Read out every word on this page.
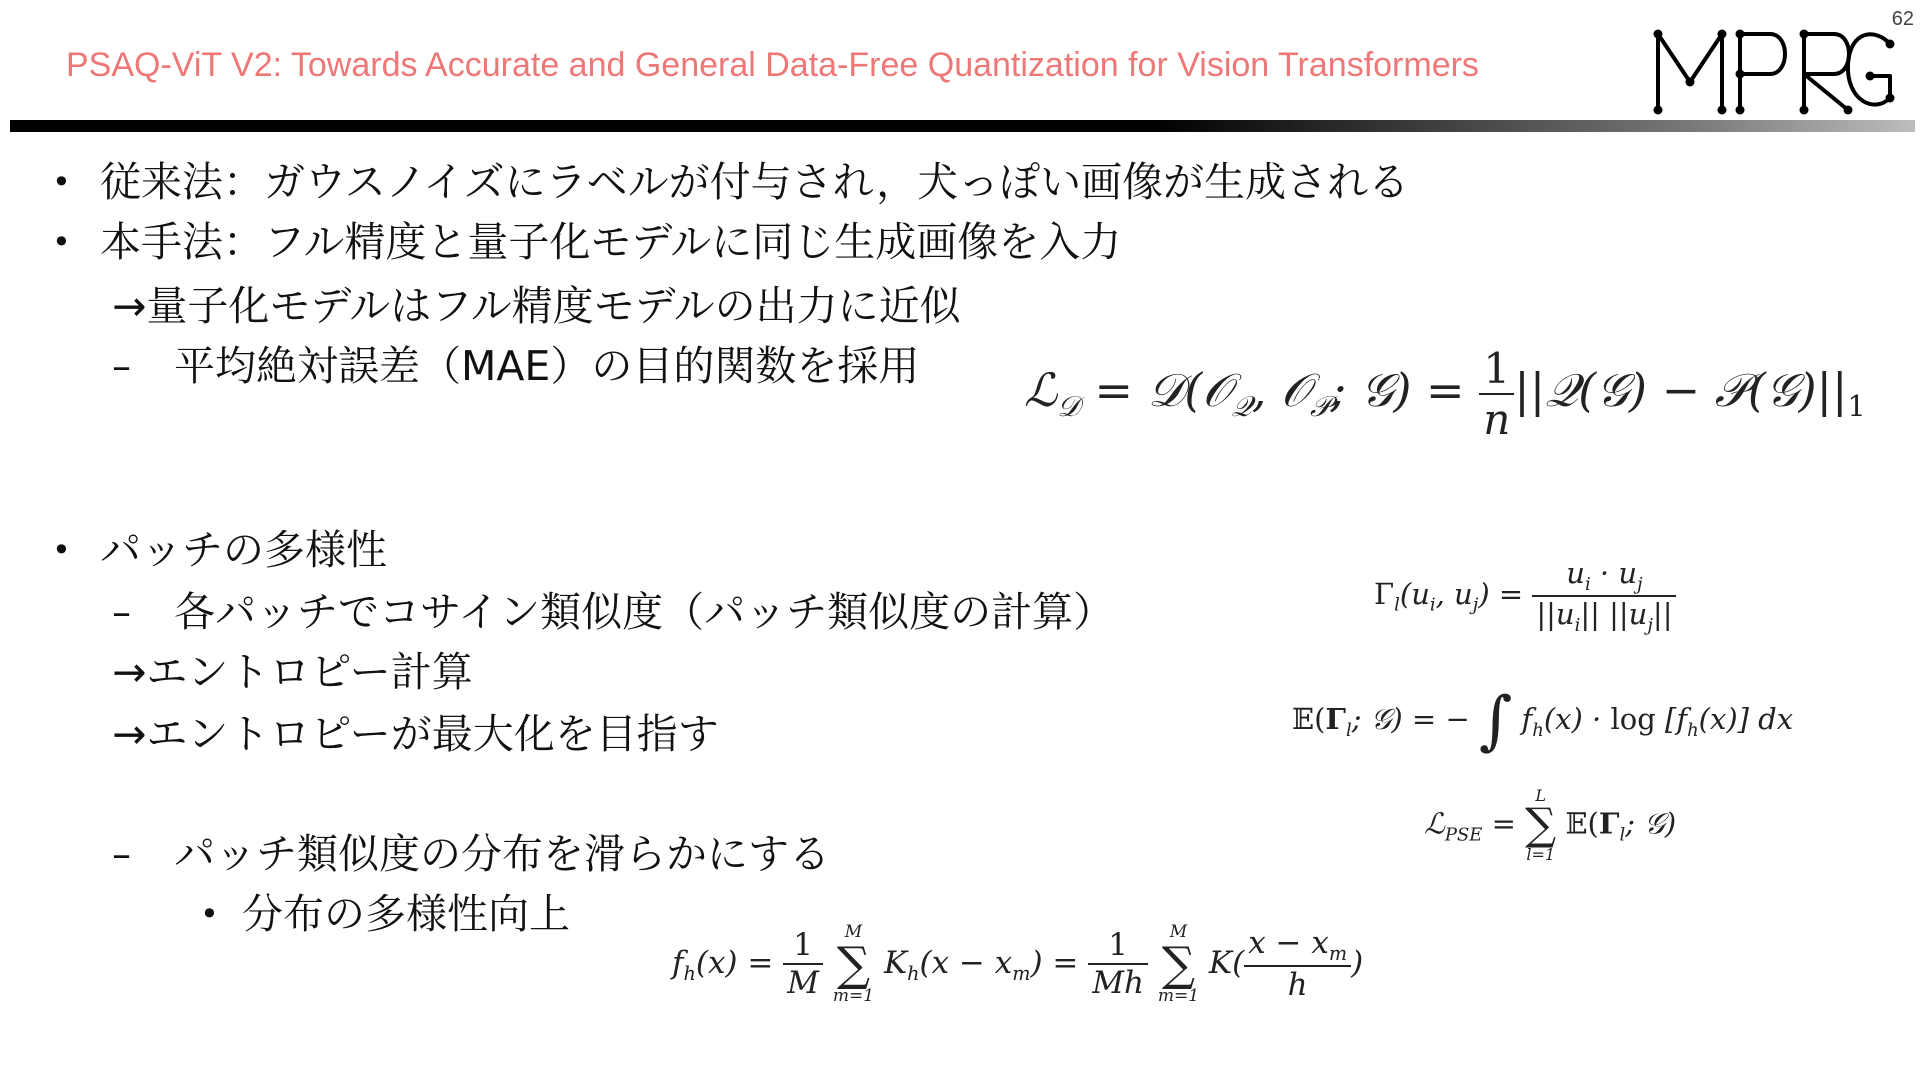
62
PSAQ-ViT V2: Towards Accurate and General Data-Free Quantization for Vision Transformers
• 従来法：ガウスノイズにラベルが付与され，犬っぽい画像が生成される
• 本手法：フル精度と量子化モデルに同じ生成画像を入力
→量子化モデルはフル精度モデルの出力に近似
– 平均絶対誤差（MAE）の目的関数を採用 ℒ$_𝒟$ = 𝒟(𝒪$_𝒬$, 𝒪$_𝒫$; 𝒢) = $\frac{1}{n}$ ||𝒬(𝒢) − $𝒫(𝒢)||_1$
• パッチの多様性
– 各パッチでコサイン類似度（パッチ類似度の計算）
→エントロピー計算
→エントロピーが最大化を目指す
– パッチ類似度の分布を滑らかにする
• 分布の多様性向上
$\Gamma_l(u_i$, $u_j) = \frac{u_i \cdot u_j}{||u_i|| ||u_j||}$
$𝔼(\Gamma_l$; 𝒢) = − ∫ $f_h(x) \cdot \log [f_h(x)]$ dx
ℒ$_{PSE}$ =
L
∑
l=1
$𝔼(\Gamma_l$; 𝒢)
$f_h(x) = \frac{1}{M}$
	M
∑
m=1
$K_h(x - x_m) = \frac{1}{Mh}$
	M
∑
m=1
$K( \frac{x - x_m}{h}$ )
